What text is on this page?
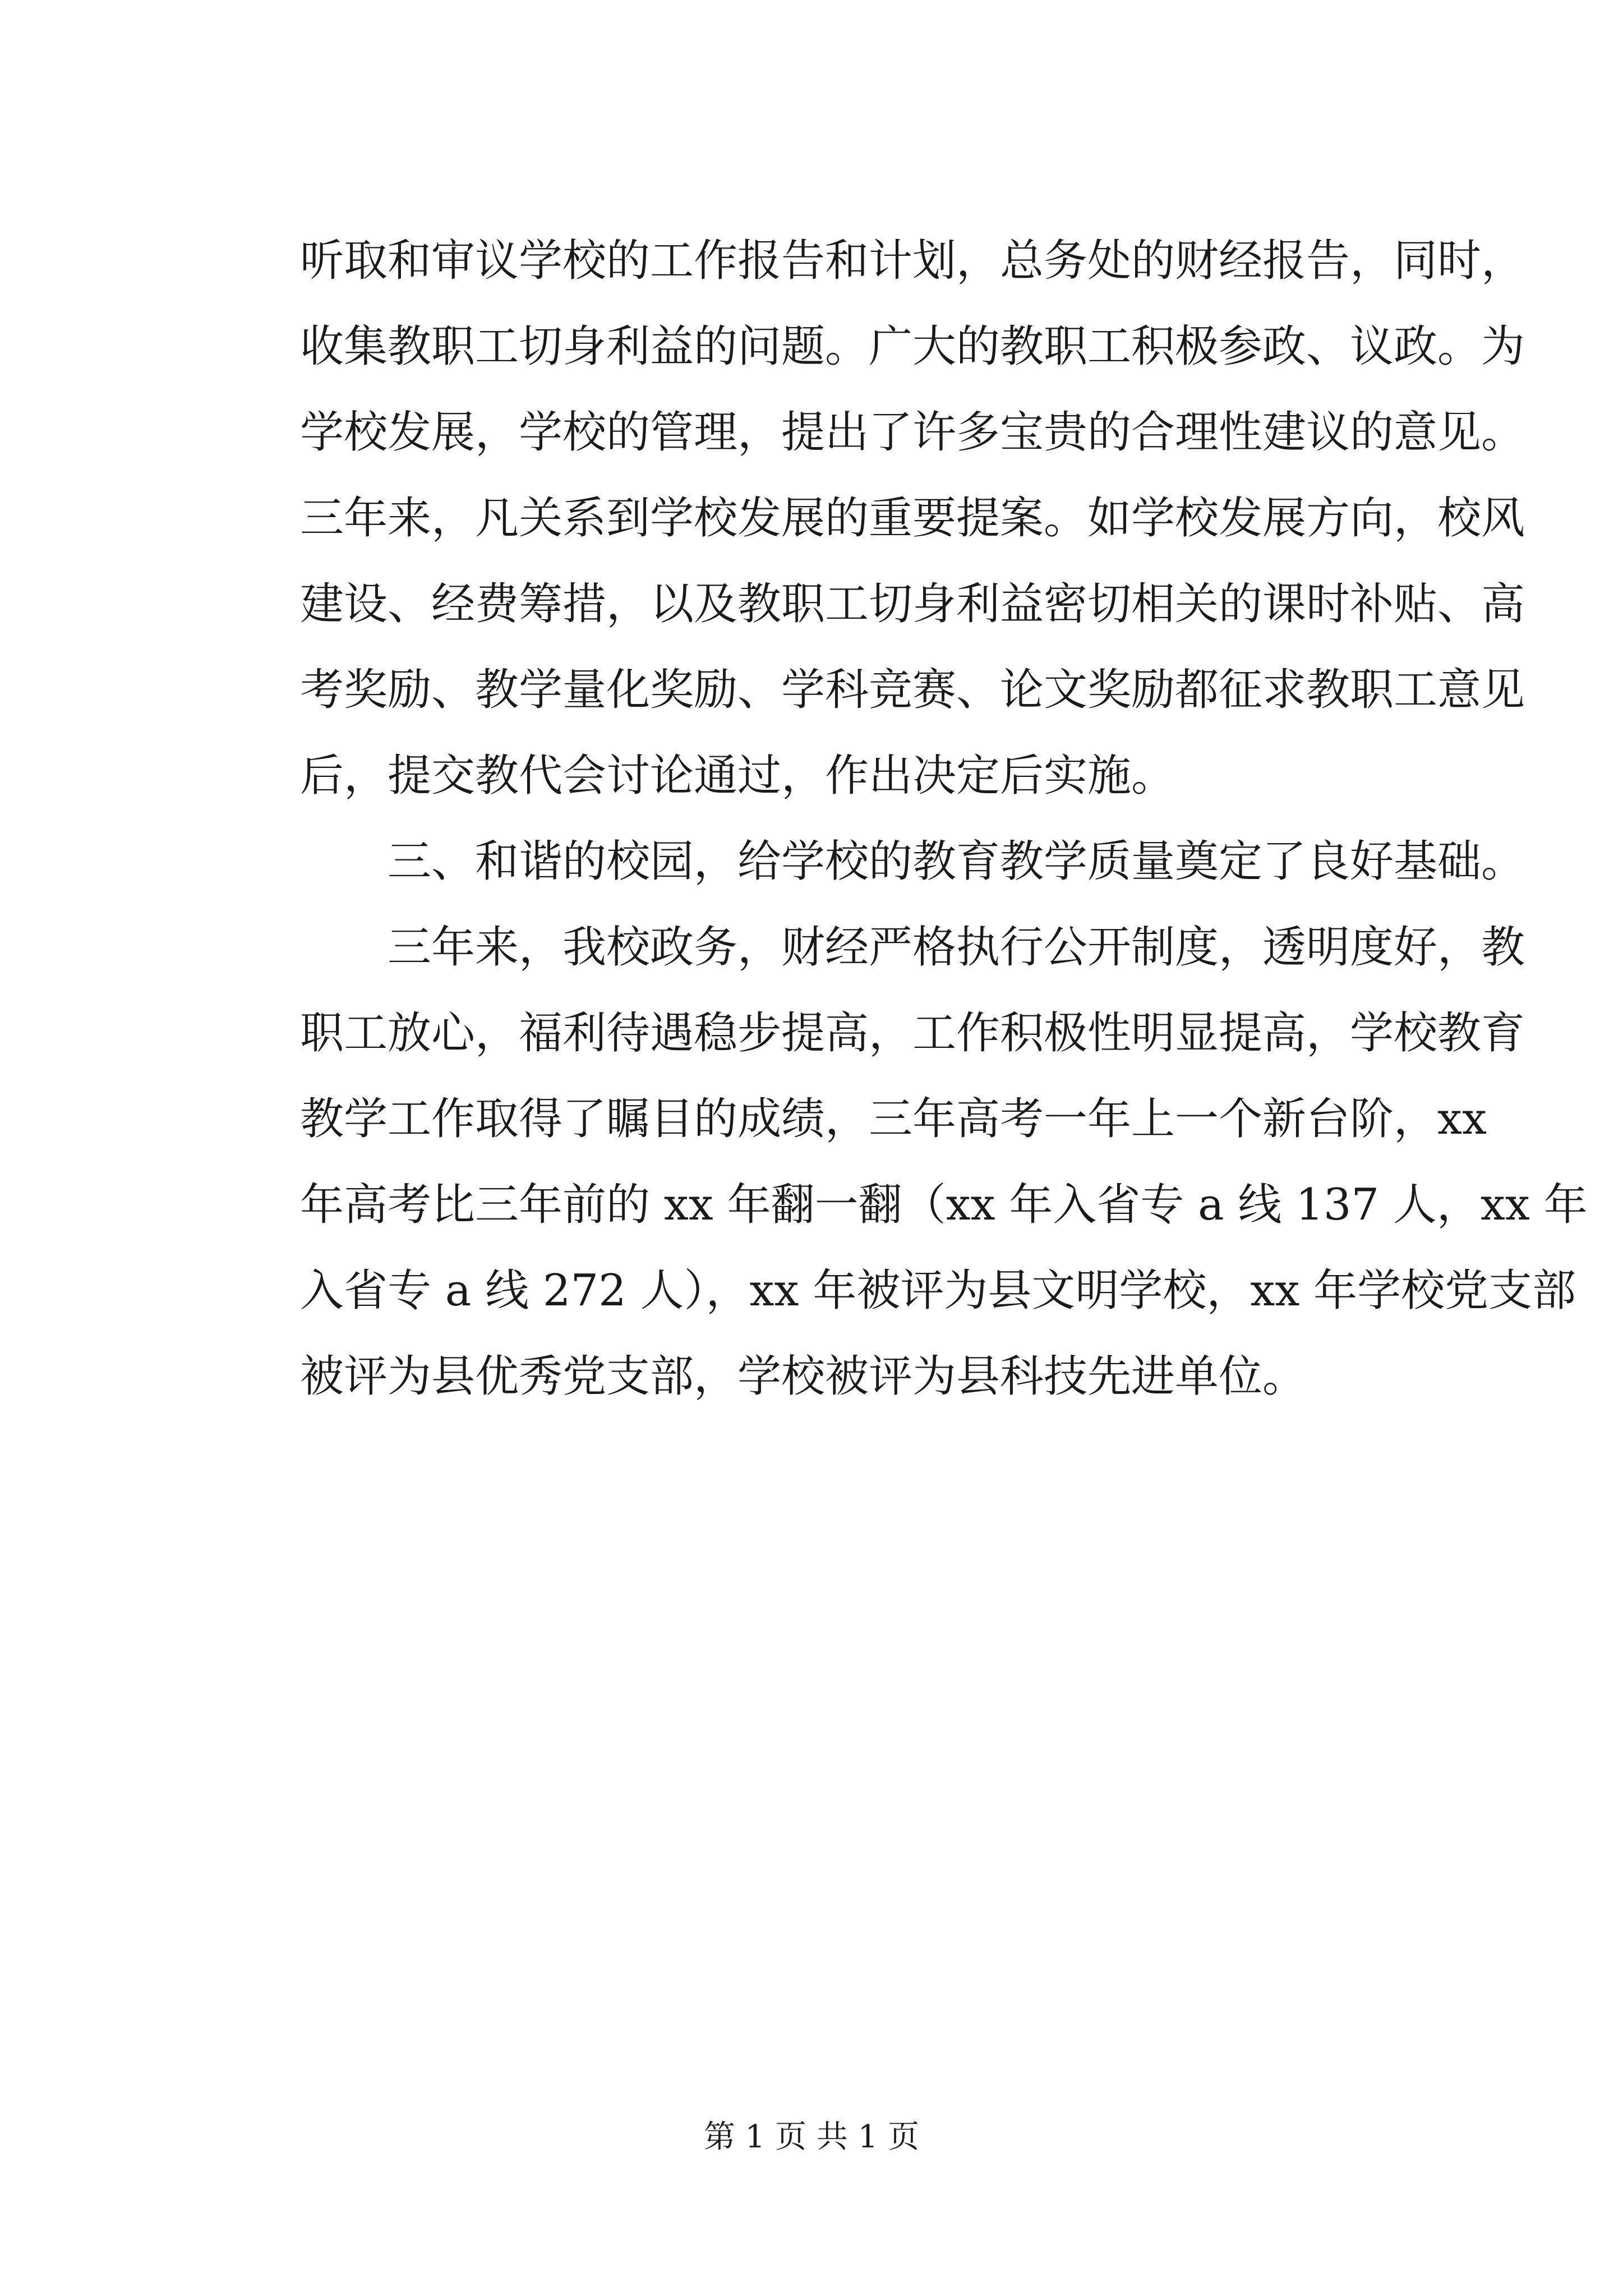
听取和审议学校的工作报告和计划，总务处的财经报告，同时，
收集教职工切身利益的问题。广大的教职工积极参政、议政。为
学校发展，学校的管理，提出了许多宝贵的合理性建议的意见。
三年来，凡关系到学校发展的重要提案。如学校发展方向，校风
建设、经费筹措，以及教职工切身利益密切相关的课时补贴、高
考奖励、教学量化奖励、学科竞赛、论文奖励都征求教职工意见
后，提交教代会讨论通过，作出决定后实施。
三、和谐的校园，给学校的教育教学质量奠定了良好基础。
三年来，我校政务，财经严格执行公开制度，透明度好，教
职工放心，福利待遇稳步提高，工作积极性明显提高，学校教育
教学工作取得了瞩目的成绩，三年高考一年上一个新台阶，xx
年高考比三年前的 xx 年翻一翻（xx 年入省专 a 线 137 人，xx 年
入省专 a 线 272 人），xx 年被评为县文明学校，xx 年学校党支部
被评为县优秀党支部，学校被评为县科技先进单位。
第 1 页 共 1 页
